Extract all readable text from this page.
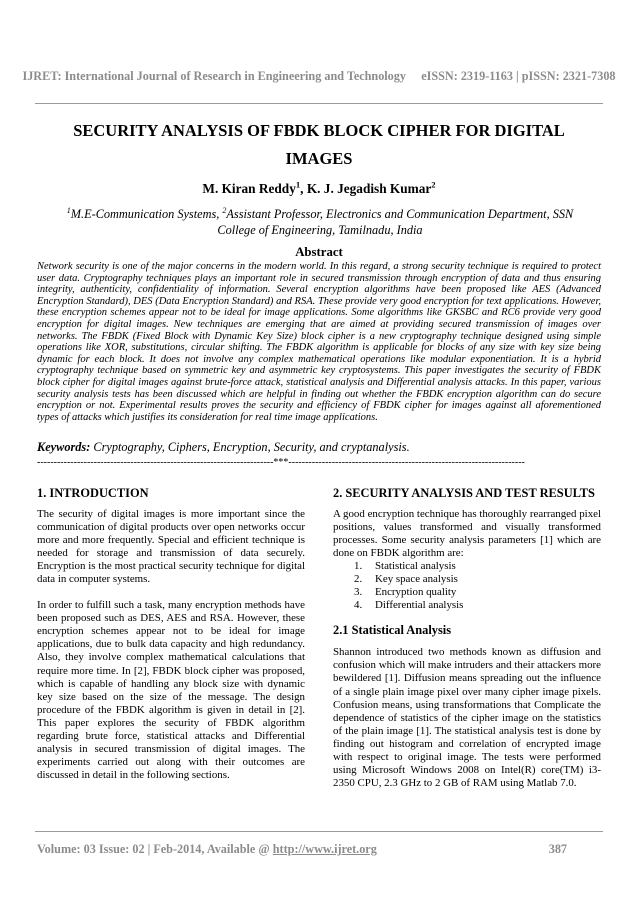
IJRET: International Journal of Research in Engineering and Technology eISSN: 2319-1163 | pISSN: 2321-7308
SECURITY ANALYSIS OF FBDK BLOCK CIPHER FOR DIGITAL IMAGES
M. Kiran Reddy$^1$, K. J. Jegadish Kumar$^2$
$^1$M.E-Communication Systems, $^2$Assistant Professor, Electronics and Communication Department, SSN College of Engineering, Tamilnadu, India
Abstract
Network security is one of the major concerns in the modern world. In this regard, a strong security technique is required to protect user data. Cryptography techniques plays an important role in secured transmission through encryption of data and thus ensuring integrity, authenticity, confidentiality of information. Several encryption algorithms have been proposed like AES (Advanced Encryption Standard), DES (Data Encryption Standard) and RSA. These provide very good encryption for text applications. However, these encryption schemes appear not to be ideal for image applications. Some algorithms like GKSBC and RC6 provide very good encryption for digital images. New techniques are emerging that are aimed at providing secured transmission of images over networks. The FBDK (Fixed Block with Dynamic Key Size) block cipher is a new cryptography technique designed using simple operations like XOR, substitutions, circular shifting. The FBDK algorithm is applicable for blocks of any size with key size being dynamic for each block. It does not involve any complex mathematical operations like modular exponentiation. It is a hybrid cryptography technique based on symmetric key and asymmetric key cryptosystems. This paper investigates the security of FBDK block cipher for digital images against brute-force attack, statistical analysis and Differential analysis attacks. In this paper, various security analysis tests has been discussed which are helpful in finding out whether the FBDK encryption algorithm can do secure encryption or not. Experimental results proves the security and efficiency of FBDK cipher for images against all aforementioned types of attacks which justifies its consideration for real time image applications.
Keywords: Cryptography, Ciphers, Encryption, Security, and cryptanalysis.
-----------------------------------------------------------------------***-----------------------------------------------------------------------
1. INTRODUCTION

The security of digital images is more important since the communication of digital products over open networks occur more and more frequently. Special and efficient technique is needed for storage and transmission of data securely. Encryption is the most practical security technique for digital data in computer systems.

In order to fulfill such a task, many encryption methods have been proposed such as DES, AES and RSA. However, these encryption schemes appear not to be ideal for image applications, due to bulk data capacity and high redundancy. Also, they involve complex mathematical calculations that require more time. In [2], FBDK block cipher was proposed, which is capable of handling any block size with dynamic key size based on the size of the message. The design procedure of the FBDK algorithm is given in detail in [2]. This paper explores the security of FBDK algorithm regarding brute force, statistical attacks and Differential analysis in secured transmission of digital images. The experiments carried out along with their outcomes are discussed in detail in the following sections.

2. SECURITY ANALYSIS AND TEST RESULTS

A good encryption technique has thoroughly rearranged pixel positions, values transformed and visually transformed processes. Some security analysis parameters [1] which are done on FBDK algorithm are:

1.	Statistical analysis
2.	Key space analysis
3.	Encryption quality
4.	Differential analysis
2.1 Statistical Analysis

Shannon introduced two methods known as diffusion and confusion which will make intruders and their attackers more bewildered [1]. Diffusion means spreading out the influence of a single plain image pixel over many cipher image pixels. Confusion means, using transformations that Complicate the dependence of statistics of the cipher image on the statistics of the plain image [1]. The statistical analysis test is done by finding out histogram and correlation of encrypted image with respect to original image. The tests were performed using Microsoft Windows 2008 on Intel(R) core(TM) i3-2350 CPU, 2.3 GHz to 2 GB of RAM using Matlab 7.0.

Volume: 03 Issue: 02 | Feb-2014, Available @ http://www.ijret.org	387
